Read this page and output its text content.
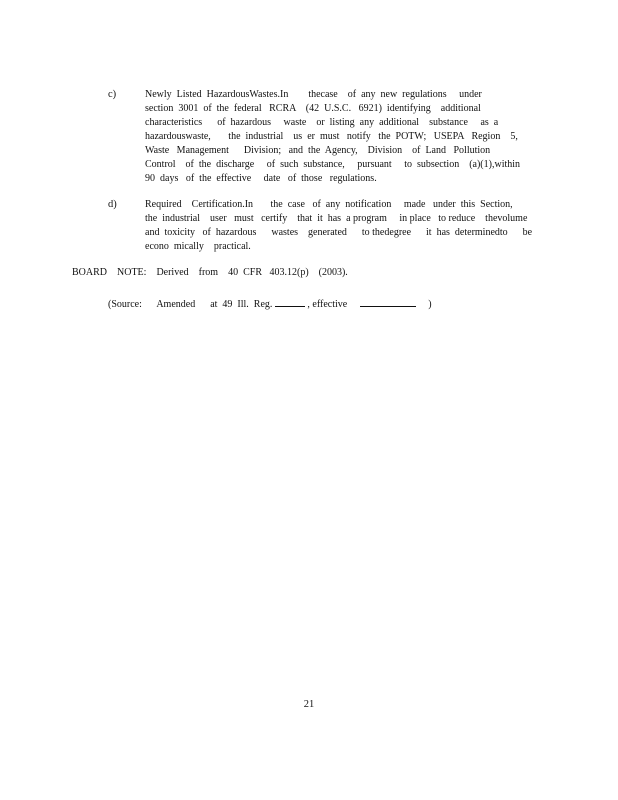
c)	Newly  Listed  HazardousWastes.In        thecase    of  any  new  regulations     under
section  3001  of  the  federal   RCRA    (42  U.S.C.   6921)  identifying    additional
characteristics      of  hazardous     waste    or  listing  any  additional    substance     as  a
hazardouswaste,       the  industrial    us  er  must   notify   the  POTW;   USEPA   Region    5,
Waste   Management      Division;   and  the  Agency,    Division    of  Land   Pollution
Control    of  the  discharge     of  such  substance,     pursuant     to  subsection    (a)(1),within
90  days   of  the  effective     date   of  those   regulations.
d)	Required    Certification.In       the  case   of  any  notification     made   under  this  Section,
the  industrial    user   must   certify    that  it  has  a program     in place   to reduce    thevolume
and  toxicity   of  hazardous      wastes    generated      to thedegree      it  has  determinedto      be
econo  mically    practical.
BOARD    NOTE:    Derived    from    40  CFR   403.12(p)    (2003).
(Source:      Amended      at  49  Ill.  Reg.	, effective	)
21
